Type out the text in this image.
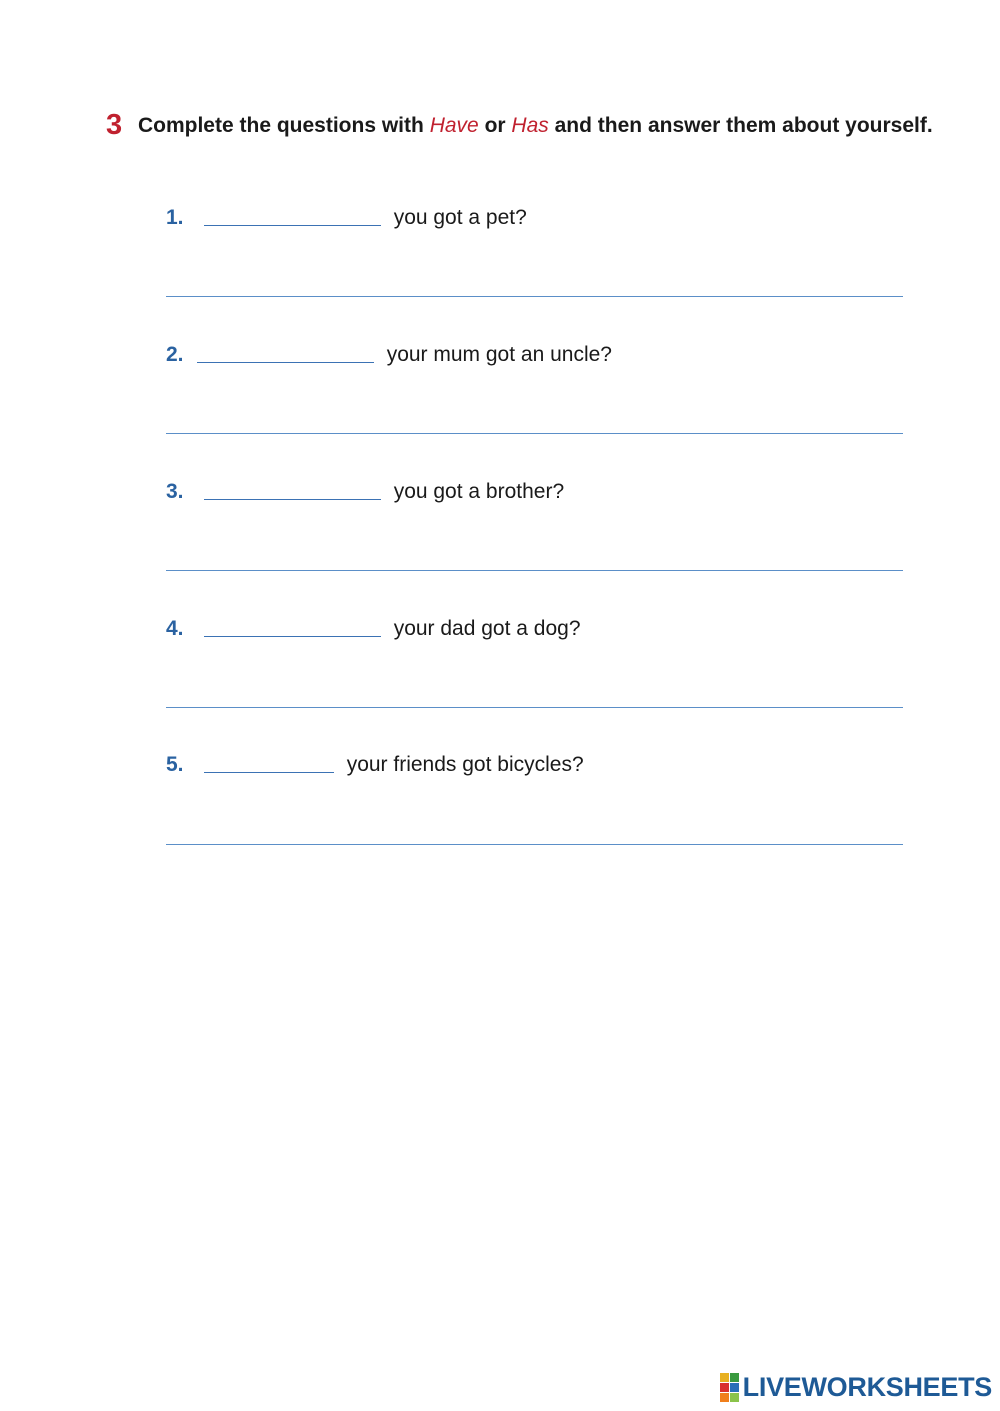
3 Complete the questions with Have or Has and then answer them about yourself.
1.	you got a pet?
2.	your mum got an uncle?
3.	you got a brother?
4.	your dad got a dog?
5.	your friends got bicycles?
LIVEWORKSHEETS
